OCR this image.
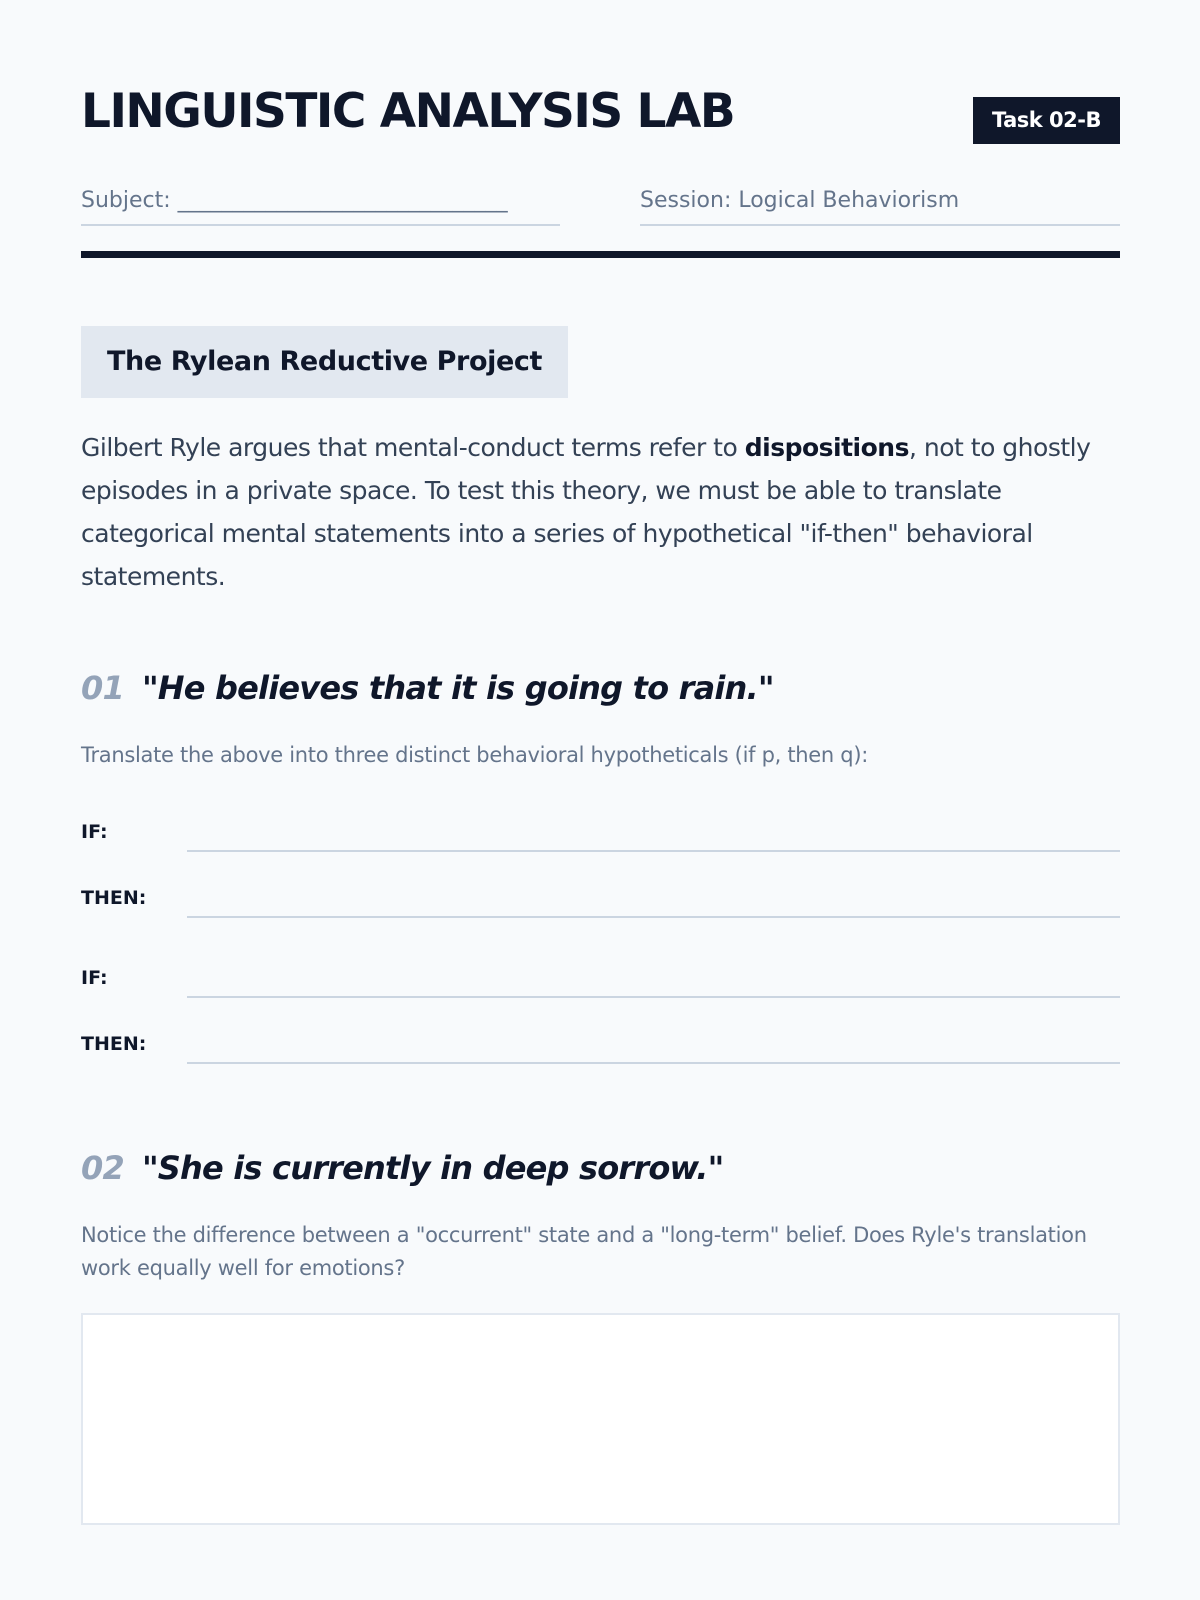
LINGUISTIC ANALYSIS LAB	Task 02-B
Subject: ______________________________	Session: Logical Behaviorism
The Rylean Reductive Project

Gilbert Ryle argues that mental-conduct terms refer to dispositions, not to ghostly episodes in a private space. To test this theory, we must be able to translate categorical mental statements into a series of hypothetical "if-then" behavioral statements.

01 "He believes that it is going to rain."

Translate the above into three distinct behavioral hypotheticals (if p, then q):

IF:
THEN:
IF:
THEN:
02 "She is currently in deep sorrow."

Notice the difference between a "occurrent" state and a "long-term" belief. Does Ryle's translation work equally well for emotions?
